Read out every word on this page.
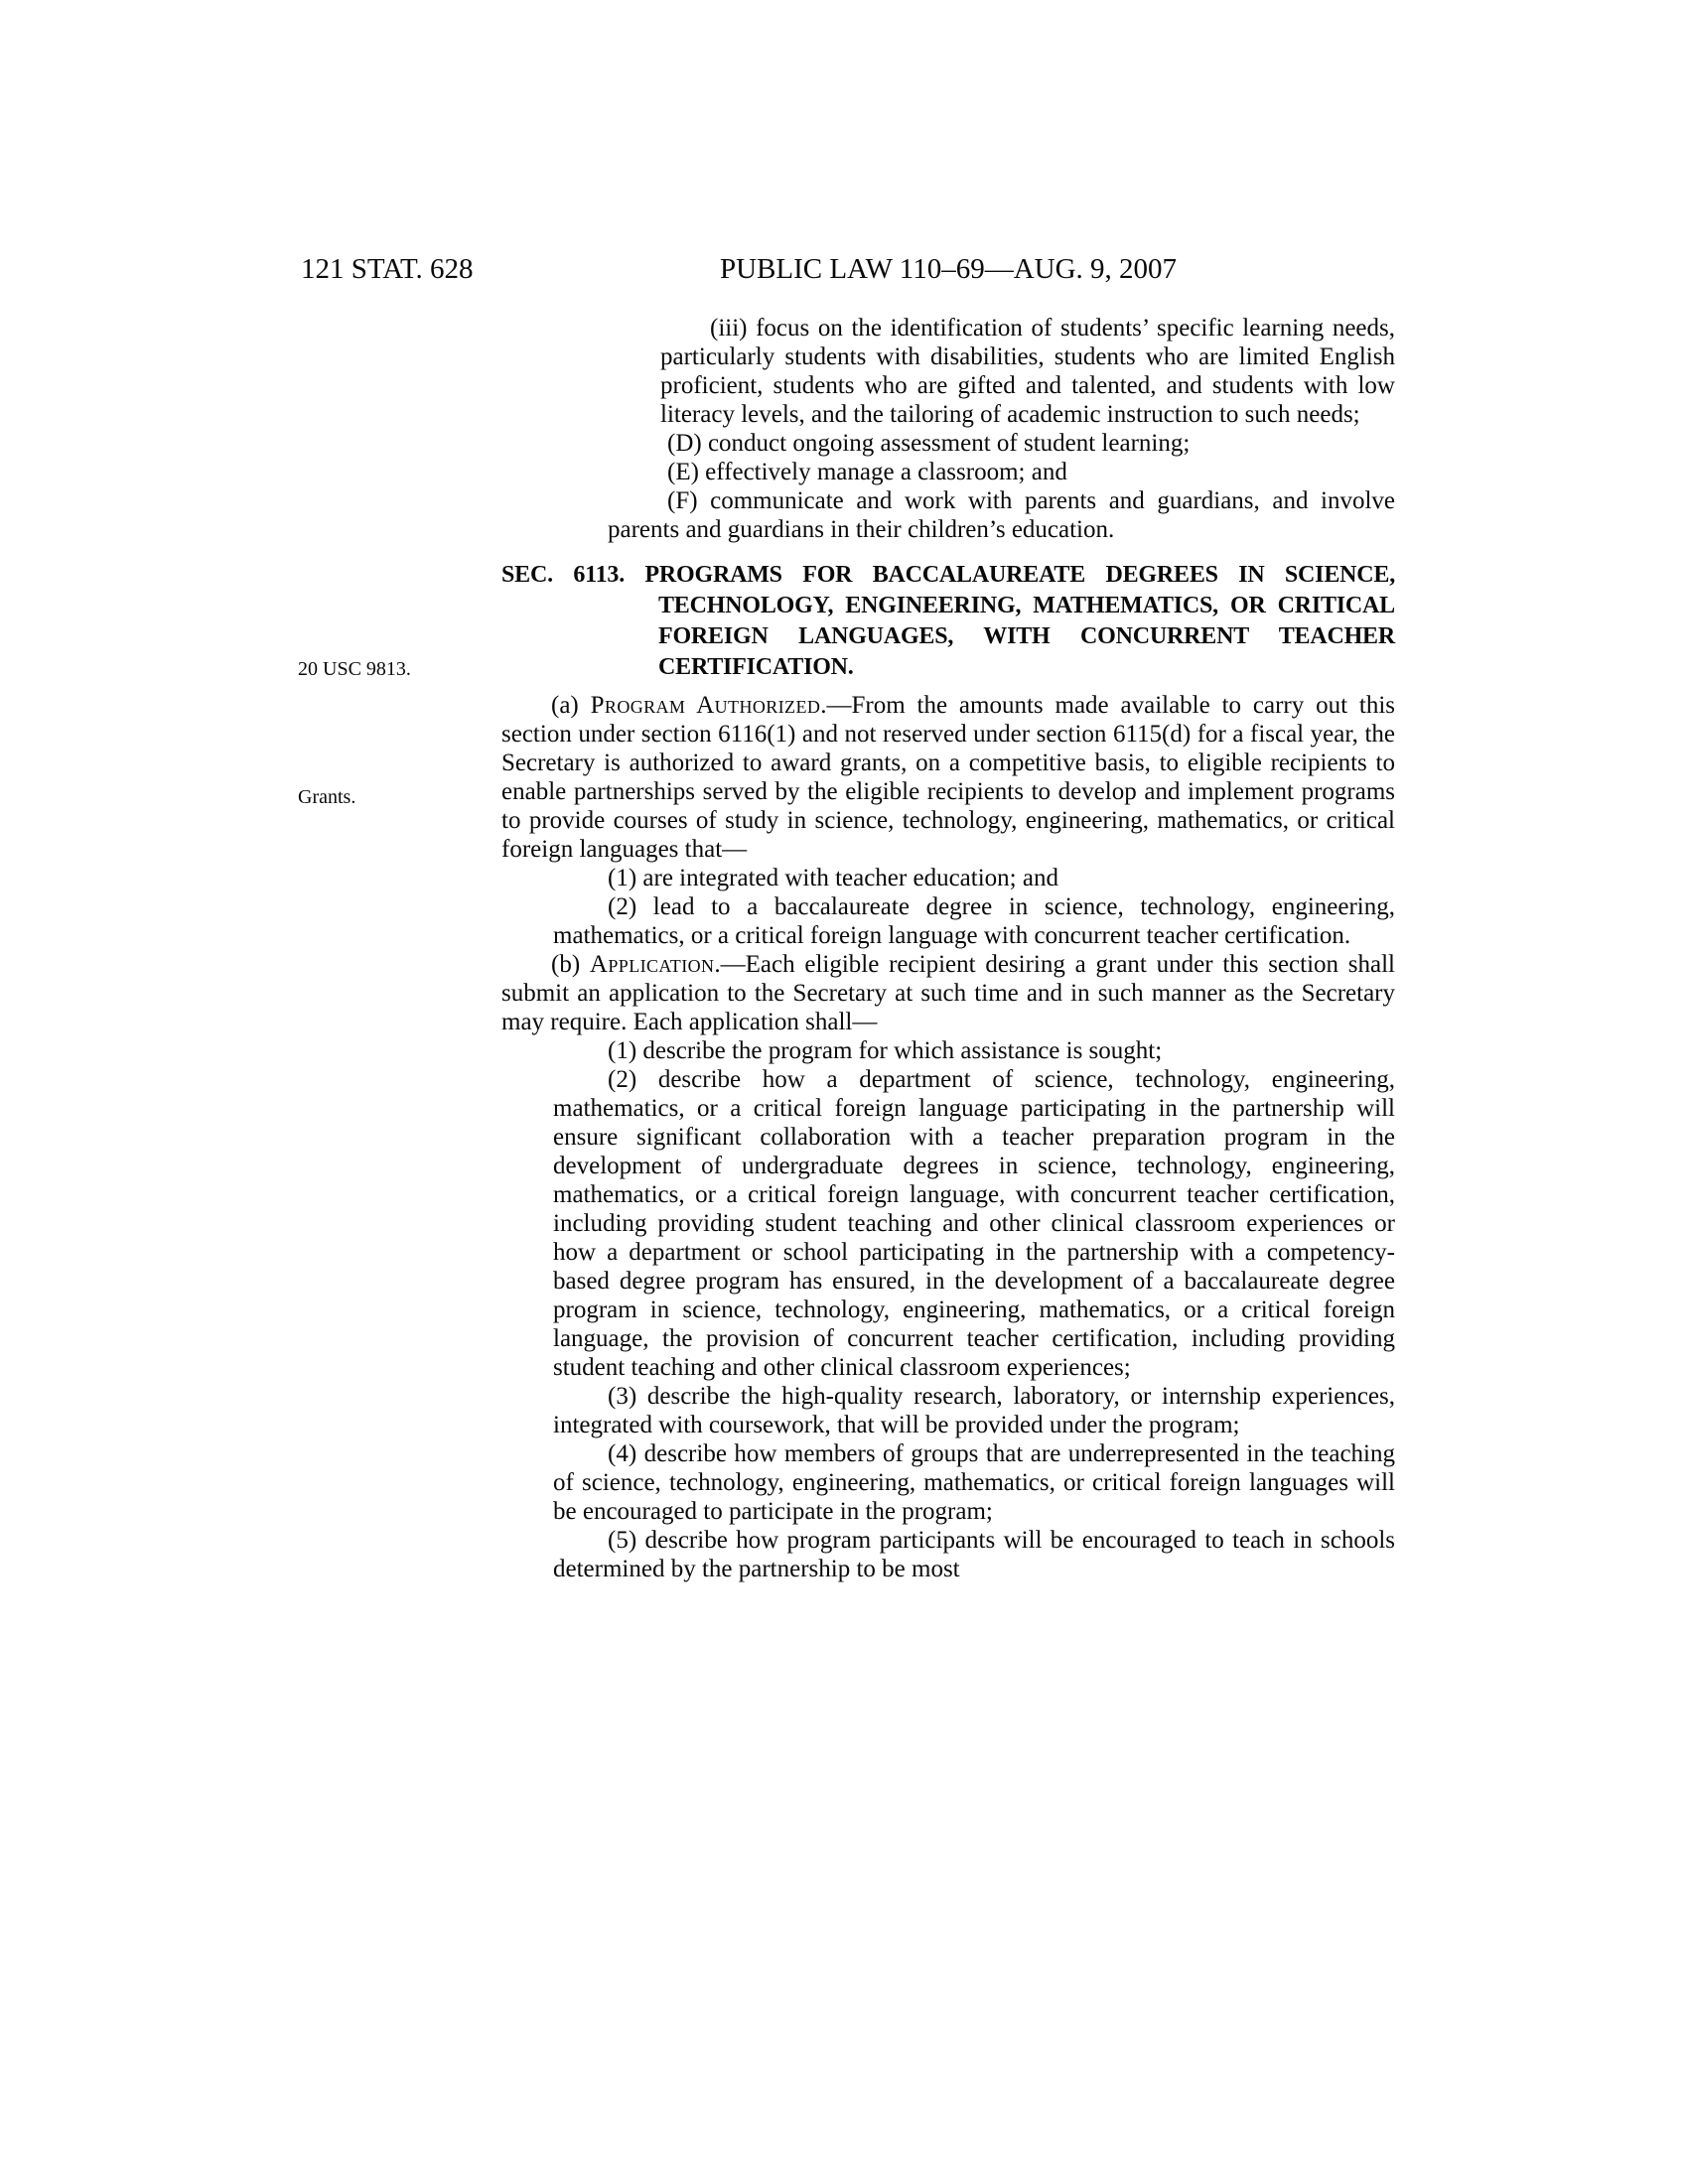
121 STAT. 628	PUBLIC LAW 110–69—AUG. 9, 2007
20 USC 9813.
Grants.

(iii) focus on the identification of students’ specific learning needs, particularly students with disabilities, students who are limited English proficient, students who are gifted and talented, and students with low literacy levels, and the tailoring of academic instruction to such needs;

(D) conduct ongoing assessment of student learning;

(E) effectively manage a classroom; and

(F) communicate and work with parents and guardians, and involve parents and guardians in their children’s education.

SEC. 6113. PROGRAMS FOR BACCALAUREATE DEGREES IN SCIENCE, TECHNOLOGY, ENGINEERING, MATHEMATICS, OR CRITICAL FOREIGN LANGUAGES, WITH CONCURRENT TEACHER CERTIFICATION.

(a) Program Authorized.—From the amounts made available to carry out this section under section 6116(1) and not reserved under section 6115(d) for a fiscal year, the Secretary is authorized to award grants, on a competitive basis, to eligible recipients to enable partnerships served by the eligible recipients to develop and implement programs to provide courses of study in science, technology, engineering, mathematics, or critical foreign languages that—

(1) are integrated with teacher education; and

(2) lead to a baccalaureate degree in science, technology, engineering, mathematics, or a critical foreign language with concurrent teacher certification.

(b) Application.—Each eligible recipient desiring a grant under this section shall submit an application to the Secretary at such time and in such manner as the Secretary may require. Each application shall—

(1) describe the program for which assistance is sought;

(2) describe how a department of science, technology, engineering, mathematics, or a critical foreign language participating in the partnership will ensure significant collaboration with a teacher preparation program in the development of undergraduate degrees in science, technology, engineering, mathematics, or a critical foreign language, with concurrent teacher certification, including providing student teaching and other clinical classroom experiences or how a department or school participating in the partnership with a competency-based degree program has ensured, in the development of a baccalaureate degree program in science, technology, engineering, mathematics, or a critical foreign language, the provision of concurrent teacher certification, including providing student teaching and other clinical classroom experiences;

(3) describe the high-quality research, laboratory, or internship experiences, integrated with coursework, that will be provided under the program;

(4) describe how members of groups that are underrepresented in the teaching of science, technology, engineering, mathematics, or critical foreign languages will be encouraged to participate in the program;

(5) describe how program participants will be encouraged to teach in schools determined by the partnership to be most
